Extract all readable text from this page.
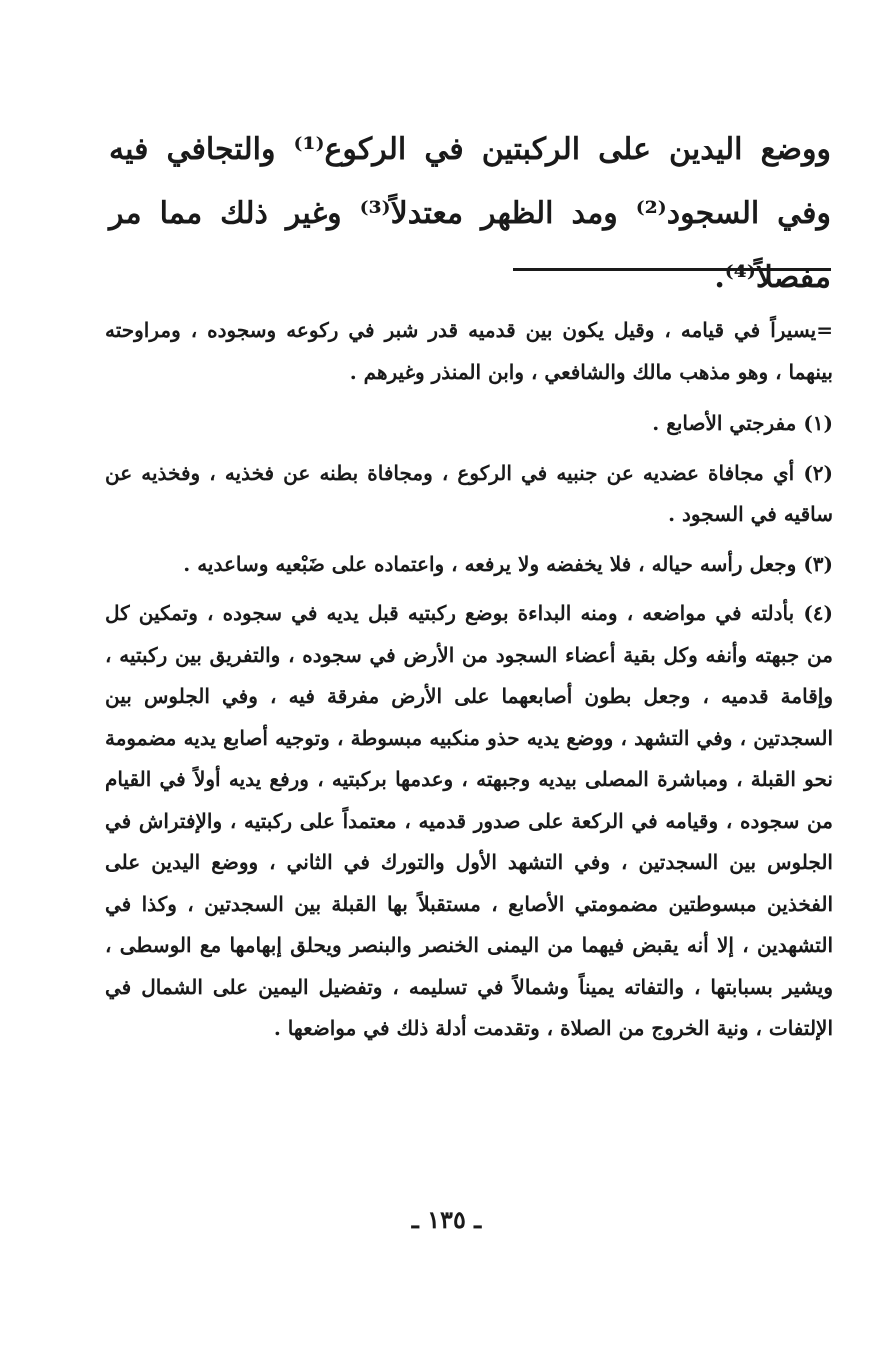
ووضع اليدين على الركبتين في الركوع⁽¹⁾ والتجافي فيه وفي السجود⁽²⁾ ومد الظهر معتدلاً⁽³⁾ وغير ذلك مما مر مفصلاً⁽⁴⁾.

=يسيراً في قيامه ، وقيل يكون بين قدميه قدر شبر في ركوعه وسجوده ، ومراوحته بينهما ، وهو مذهب مالك والشافعي ، وابن المنذر وغيرهم .

(١) مفرجتي الأصابع .

(٢) أي مجافاة عضديه عن جنبيه في الركوع ، ومجافاة بطنه عن فخذيه ، وفخذيه عن ساقيه في السجود .

(٣) وجعل رأسه حياله ، فلا يخفضه ولا يرفعه ، واعتماده على ضَبْعيه وساعديه .

(٤) بأدلته في مواضعه ، ومنه البداءة بوضع ركبتيه قبل يديه في سجوده ، وتمكين كل من جبهته وأنفه وكل بقية أعضاء السجود من الأرض في سجوده ، والتفريق بين ركبتيه ، وإقامة قدميه ، وجعل بطون أصابعهما على الأرض مفرقة فيه ، وفي الجلوس بين السجدتين ، وفي التشهد ، ووضع يديه حذو منكبيه مبسوطة ، وتوجيه أصابع يديه مضمومة نحو القبلة ، ومباشرة المصلى بيديه وجبهته ، وعدمها بركبتيه ، ورفع يديه أولاً في القيام من سجوده ، وقيامه في الركعة على صدور قدميه ، معتمداً على ركبتيه ، والإفتراش في الجلوس بين السجدتين ، وفي التشهد الأول والتورك في الثاني ، ووضع اليدين على الفخذين مبسوطتين مضمومتي الأصابع ، مستقبلاً بها القبلة بين السجدتين ، وكذا في التشهدين ، إلا أنه يقبض فيهما من اليمنى الخنصر والبنصر ويحلق إبهامها مع الوسطى ، ويشير بسبابتها ، والتفاته يميناً وشمالاً في تسليمه ، وتفضيل اليمين على الشمال في الإلتفات ، ونية الخروج من الصلاة ، وتقدمت أدلة ذلك في مواضعها .

ـ ١٣٥ ـ
